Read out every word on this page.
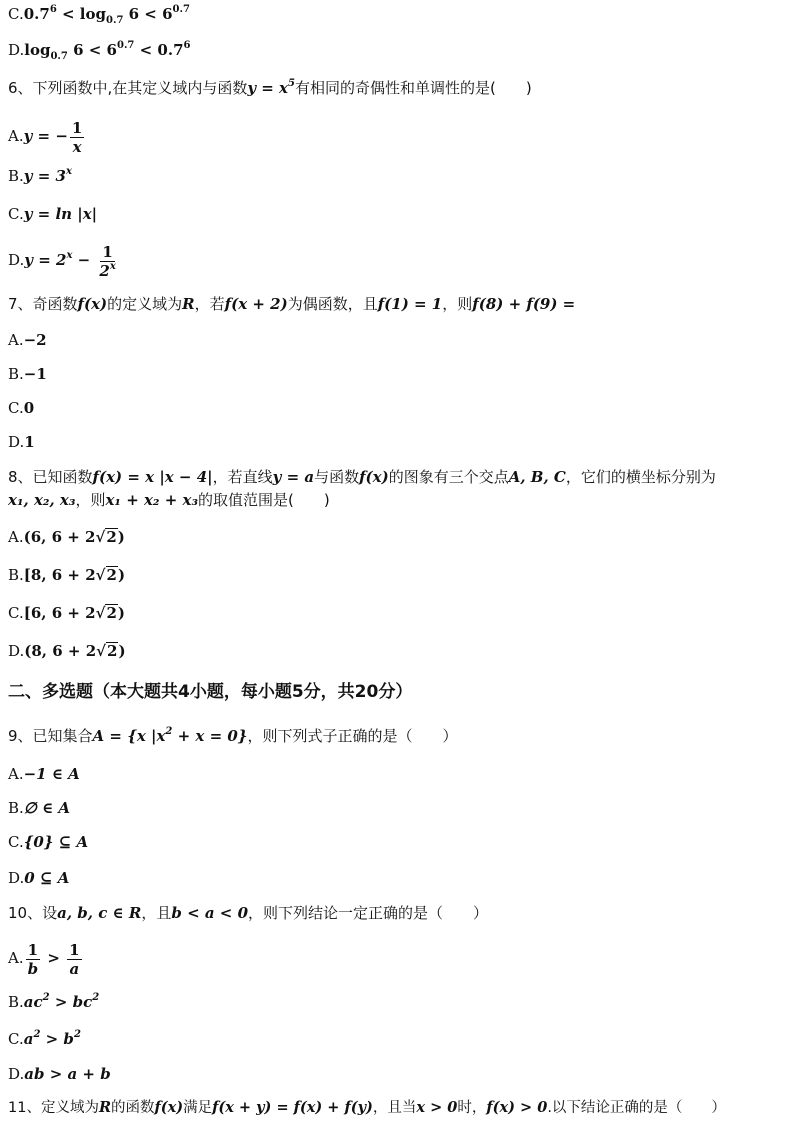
$C.0.7^6 < \log_{0.7} 6 < 6^{0.7}$
$D.\log_{0.7}$ $6 < 6^{0.7} < 0.7^6$
6、下列函数中,在其定义域内与函数$y = x^5$有相同的奇偶性和单调性的是(　　)
A.y = − $\frac{1}{x}$
$B.y = 3^x$
C.y = ln |x|
$D.y = 2^x - \frac{1}{2^x}$
7、奇函数f(x)的定义域为R，若f(x + 2)为偶函数，且f(1) = 1，则f(8) + f(9) =
A.−2
B.−1
C.0
D.1
8、已知函数f(x) = x |x − 4|，若直线y = a与函数f(x)的图象有三个交点A, B, C，它们的横坐标分别为
x₁, x₂, x₃，则x₁ + x₂ + x₃的取值范围是(　　)
A.(6, 6 + 2√2)
B.[8, 6 + 2√2)
C.[6, 6 + 2√2)
D.(8, 6 + 2√2)
二、多选题（本大题共4小题，每小题5分，共20分）
9、已知集合A = {x $|x^2 + x = 0$}，则下列式子正确的是（　　）
A.−1 ∈ A
B.∅ ∈ A
C.{0} ⊆ A
D.0 ⊆ A
10、设a, b, c ∈ R，且b < a < 0，则下列结论一定正确的是（　　）
A. $\frac{1}{b} > \frac{1}{a}$
$B.ac^2 > bc^2$
$C.a^2 > b^2$
D.ab > a + b
11、定义域为R的函数f(x)满足f(x + y) = f(x) + f(y)，且当x > 0时，f(x) > 0.以下结论正确的是（　　）
